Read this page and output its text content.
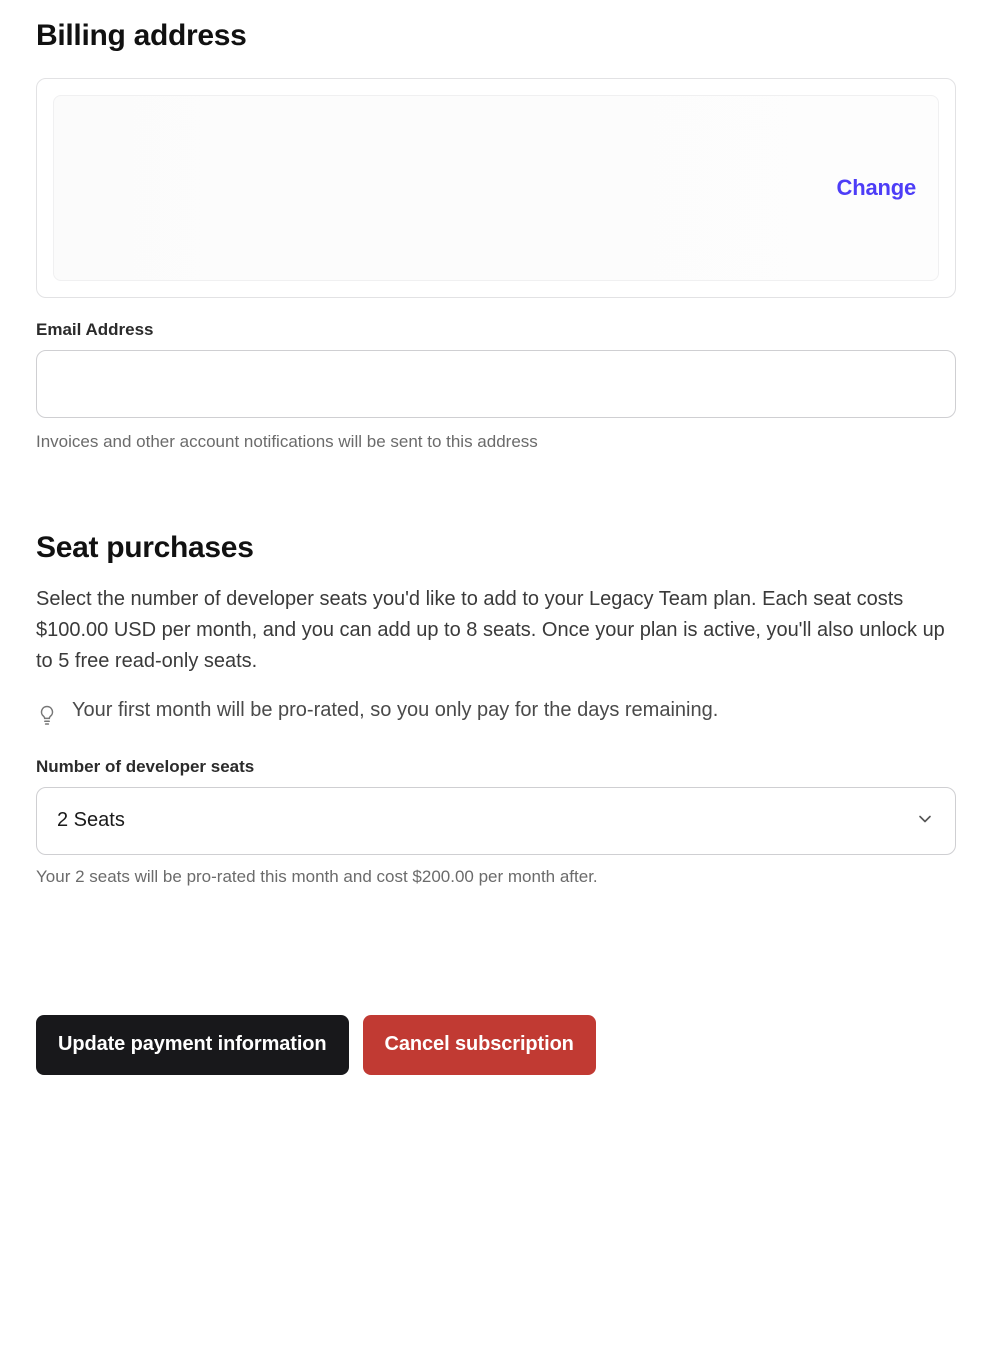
Billing address
Change
Email Address

Invoices and other account notifications will be sent to this address

Seat purchases

Select the number of developer seats you'd like to add to your Legacy Team plan. Each seat costs $100.00 USD per month, and you can add up to 8 seats. Once your plan is active, you'll also unlock up to 5 free read-only seats.

Your first month will be pro-rated, so you only pay for the days remaining.
Number of developer seats
2 Seats

Your 2 seats will be pro-rated this month and cost $200.00 per month after.

Update payment information	Cancel subscription
